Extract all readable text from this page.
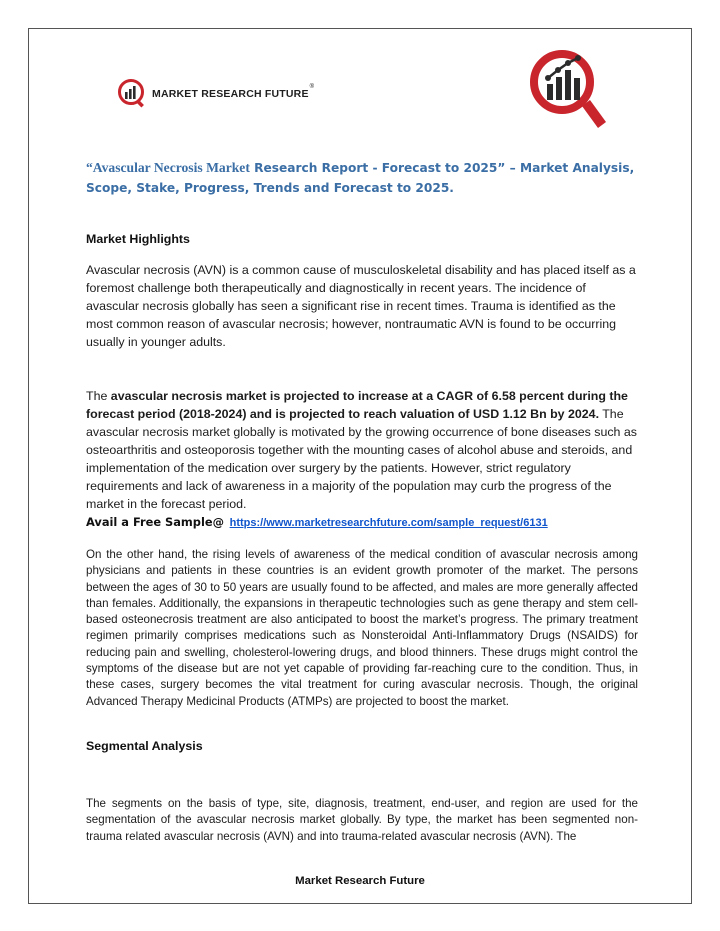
MARKET RESEARCH FUTURE
®
“Avascular Necrosis Market Research Report - Forecast to 2025” – Market Analysis,
Scope, Stake, Progress, Trends and Forecast to 2025.
Market Highlights
Avascular necrosis (AVN) is a common cause of musculoskeletal disability and has placed itself as a foremost challenge both therapeutically and diagnostically in recent years. The incidence of avascular necrosis globally has seen a significant rise in recent times. Trauma is identified as the most common reason of avascular necrosis; however, nontraumatic AVN is found to be occurring usually in younger adults.
The avascular necrosis market is projected to increase at a CAGR of 6.58 percent during the forecast period (2018-2024) and is projected to reach valuation of USD 1.12 Bn by 2024. The avascular necrosis market globally is motivated by the growing occurrence of bone diseases such as osteoarthritis and osteoporosis together with the mounting cases of alcohol abuse and steroids, and implementation of the medication over surgery by the patients. However, strict regulatory requirements and lack of awareness in a majority of the population may curb the progress of the market in the forecast period.
Avail a Free Sample@ https://www.marketresearchfuture.com/sample_request/6131
On the other hand, the rising levels of awareness of the medical condition of avascular necrosis among physicians and patients in these countries is an evident growth promoter of the market. The persons between the ages of 30 to 50 years are usually found to be affected, and males are more generally affected than females. Additionally, the expansions in therapeutic technologies such as gene therapy and stem cell-based osteonecrosis treatment are also anticipated to boost the market’s progress. The primary treatment regimen primarily comprises medications such as Nonsteroidal Anti-Inflammatory Drugs (NSAIDS) for reducing pain and swelling, cholesterol-lowering drugs, and blood thinners. These drugs might control the symptoms of the disease but are not yet capable of providing far-reaching cure to the condition. Thus, in these cases, surgery becomes the vital treatment for curing avascular necrosis. Though, the original Advanced Therapy Medicinal Products (ATMPs) are projected to boost the market.
Segmental Analysis
The segments on the basis of type, site, diagnosis, treatment, end-user, and region are used for the segmentation of the avascular necrosis market globally. By type, the market has been segmented non-trauma related avascular necrosis (AVN) and into trauma-related avascular necrosis (AVN). The
Market Research Future
